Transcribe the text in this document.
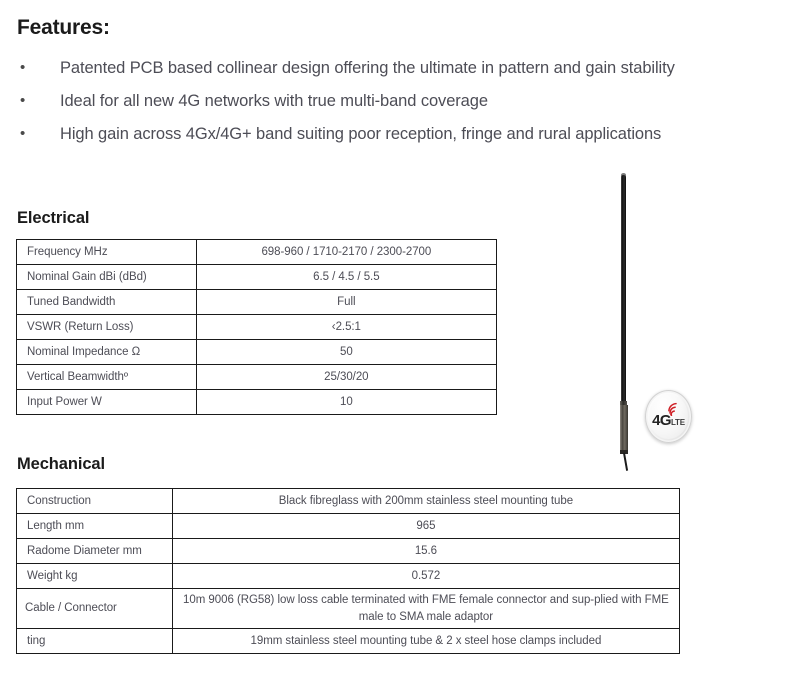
Features:
•	Patented PCB based collinear design offering the ultimate in pattern and gain stability
•	Ideal for all new 4G networks with true multi-band coverage
•	High gain across 4Gx/4G+ band suiting poor reception, fringe and rural applications
Electrical
Frequency MHz	698-960 / 1710-2170 / 2300-2700
Nominal Gain dBi (dBd)	6.5 / 4.5 / 5.5
Tuned Bandwidth	Full
VSWR (Return Loss)	‹2.5:1
Nominal Impedance Ω	50
Vertical Beamwidthº	25/30/20
Input Power W	10
Mechanical
Construction	Black fibreglass with 200mm stainless steel mounting tube
Length mm	965
Radome Diameter mm	15.6
Weight kg	0.572
Cable / Connector	10m 9006 (RG58) low loss cable terminated with FME female connector and sup-plied with FME male to SMA male adaptor
ting	19mm stainless steel mounting tube & 2 x steel hose clamps included
4GLTE
